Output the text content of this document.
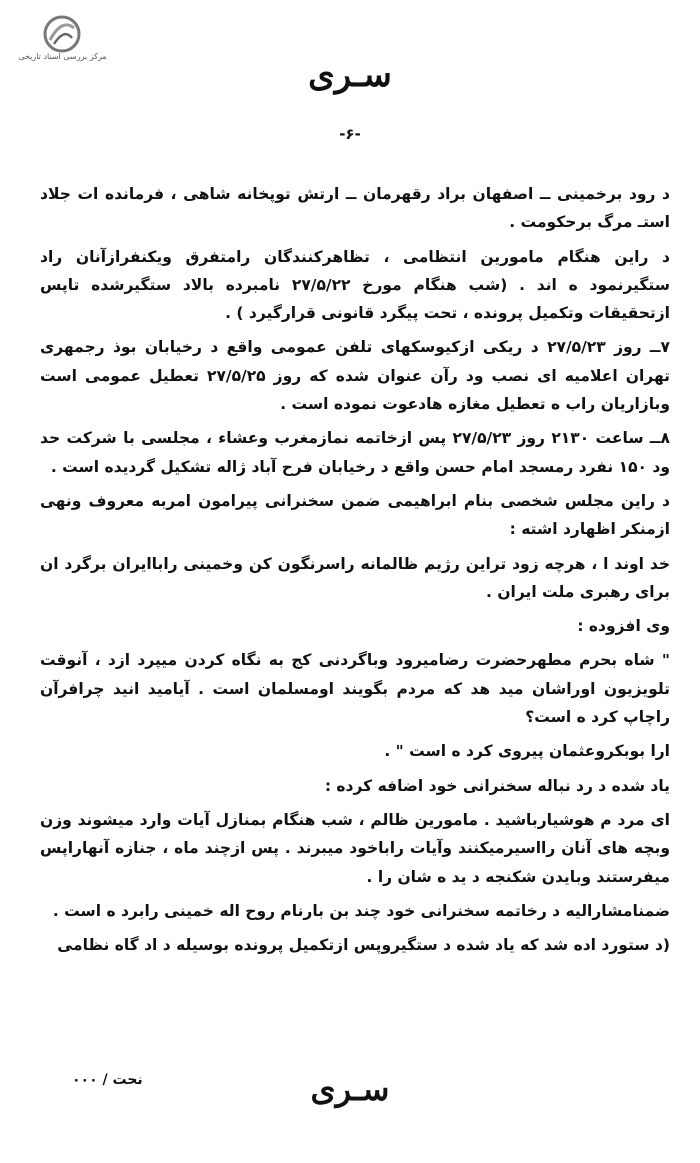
مرکز بررسی اسناد تاریخی	سـری
-۶-

د رود برخمینی ــ اصفهان براد رقهرمان ــ ارتش توپخانه شاهی ، فرمانده ات جلاد استـ مرگ برحکومت .

د راین هنگام مامورین انتظامی ، تظاهرکنندگان رامتفرق ویکنفرازآنان راد ستگیرنمود ه اند . (شب هنگام مورخ ۲۷/۵/۲۲ نامبرده بالاد ستگیرشده تاپس ازتحقیقات وتکمیل پرونده ، تحت پیگرد قانونی قرارگیرد ) .

۷ــ روز ۲۷/۵/۲۳ د ریکی ازکیوسکهای تلفن عمومی واقع د رخیابان بوذ رجمهری تهران اعلامیه ای نصب ود رآن عنوان شده که روز ۲۷/۵/۲۵ تعطیل عمومی است وبازاریان راب ه تعطیل مغازه هادعوت نموده است .

۸ــ ساعت ۲۱۳۰ روز ۲۷/۵/۲۳ پس ازخاتمه نمازمغرب وعشاء ، مجلسی با شرکت حد ود ۱۵۰ نفرد رمسجد امام حسن واقع د رخیابان فرح آباد ژاله تشکیل گردیده است .

د راین مجلس شخصی بنام ابراهیمی ضمن سخنرانی پیرامون امربه معروف ونهی ازمنکر اظهارد اشته :

خد اوند ا ، هرچه زود تراین رژیم ظالمانه راسرنگون کن وخمینی راباایران برگرد ان برای رهبری ملت ایران .

وی افزوده :

" شاه بحرم مطهرحضرت رضامیرود وباگردنی کج به نگاه کردن میپرد ازد ، آنوقت تلویزیون اوراشان مید هد که مردم بگویند اومسلمان است . آیامید انید چرافرآن راچاپ کرد ه است؟

ارا بوبکروعثمان پیروی کرد ه است " .

یاد شده د رد نباله سخنرانی خود اضافه کرده :

ای مرد م هوشیارباشید . مامورین ظالم ، شب هنگام بمنازل آیات وارد میشوند وزن وبچه های آنان رااسیرمیکنند وآیات راباخود میبرند . پس ازچند ماه ، جنازه آنهاراپس میفرستند وبایدن شکنجه د ید ه شان را .

ضمنامشارالیه د رخاتمه سخنرانی خود چند بن بارنام روح اله خمینی رابرد ه است .

(د ستورد اده شد که یاد شده د ستگیروپس ازتکمیل پرونده بوسیله د اد گاه نظامی

نحت / ۰۰۰	سـری
